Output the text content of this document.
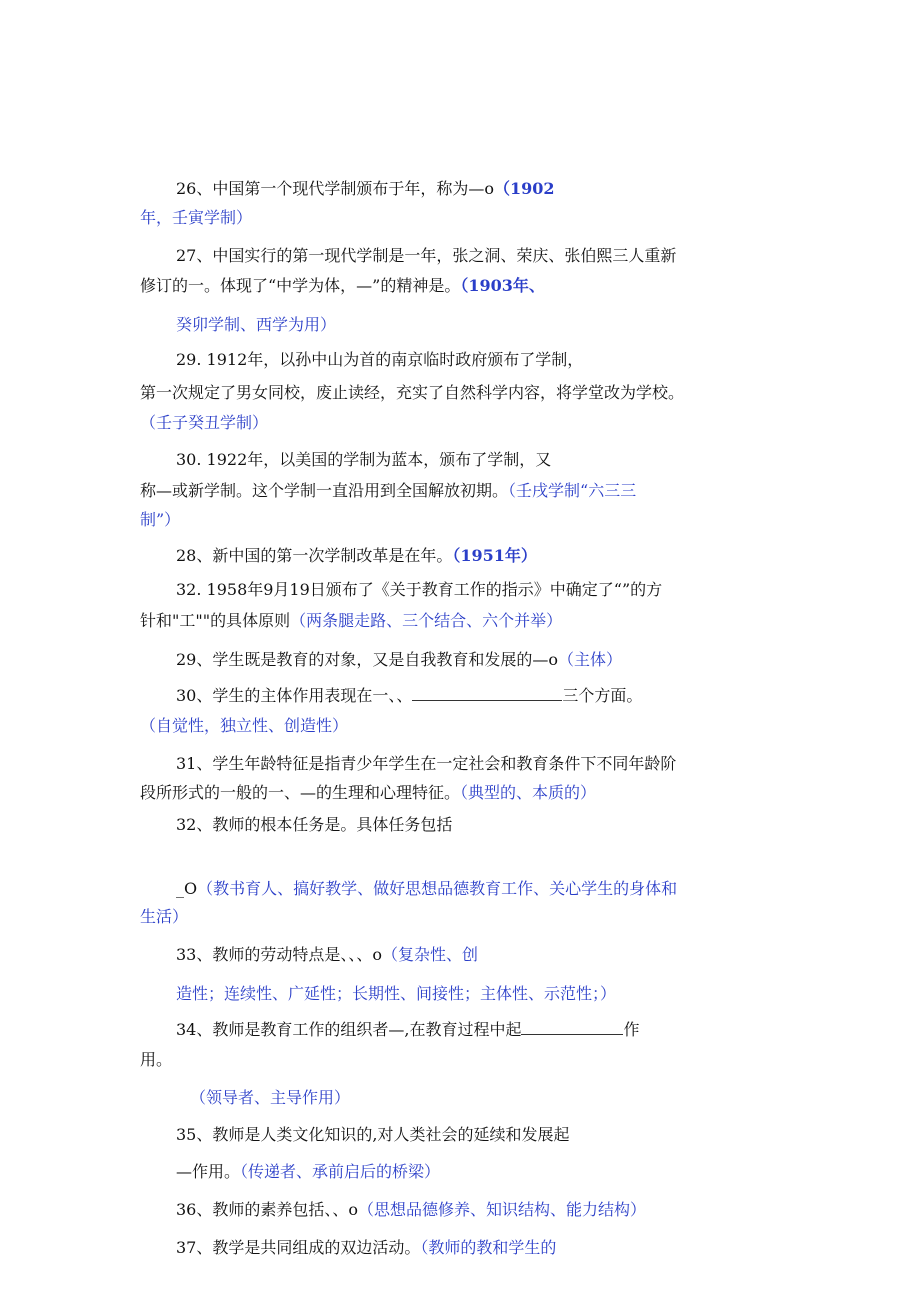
26、中国第一个现代学制颁布于年，称为—o（1902
年，壬寅学制）
27、中国实行的第一现代学制是一年，张之洞、荣庆、张伯熙三人重新
修订的一。体现了“中学为体，—”的精神是。（1903年、
癸卯学制、西学为用）
29. 1912年，以孙中山为首的南京临时政府颁布了学制，
第一次规定了男女同校，废止读经，充实了自然科学内容，将学堂改为学校。
（壬子癸丑学制）
30. 1922年，以美国的学制为蓝本，颁布了学制，又
称—或新学制。这个学制一直沿用到全国解放初期。（壬戌学制“六三三
制”）
28、新中国的第一次学制改革是在年。（1951年）
32. 1958年9月19日颁布了《关于教育工作的指示》中确定了“”的方
针和"工""的具体原则（两条腿走路、三个结合、六个并举）
29、学生既是教育的对象，又是自我教育和发展的—o（主体）
30、学生的主体作用表现在一、、	三个方面。
（自觉性，独立性、创造性）
31、学生年龄特征是指青少年学生在一定社会和教育条件下不同年龄阶
段所形式的一般的一、—的生理和心理特征。（典型的、本质的）
32、教师的根本任务是。具体任务包括
_O（教书育人、搞好教学、做好思想品德教育工作、关心学生的身体和
生活）
33、教师的劳动特点是、、、o（复杂性、创
造性；连续性、广延性；长期性、间接性；主体性、示范性；）
34、教师是教育工作的组织者—,在教育过程中起	作
用。
（领导者、主导作用）
35、教师是人类文化知识的,对人类社会的延续和发展起
—作用。（传递者、承前启后的桥梁）
36、教师的素养包括、、o（思想品德修养、知识结构、能力结构）
37、教学是共同组成的双边活动。（教师的教和学生的
